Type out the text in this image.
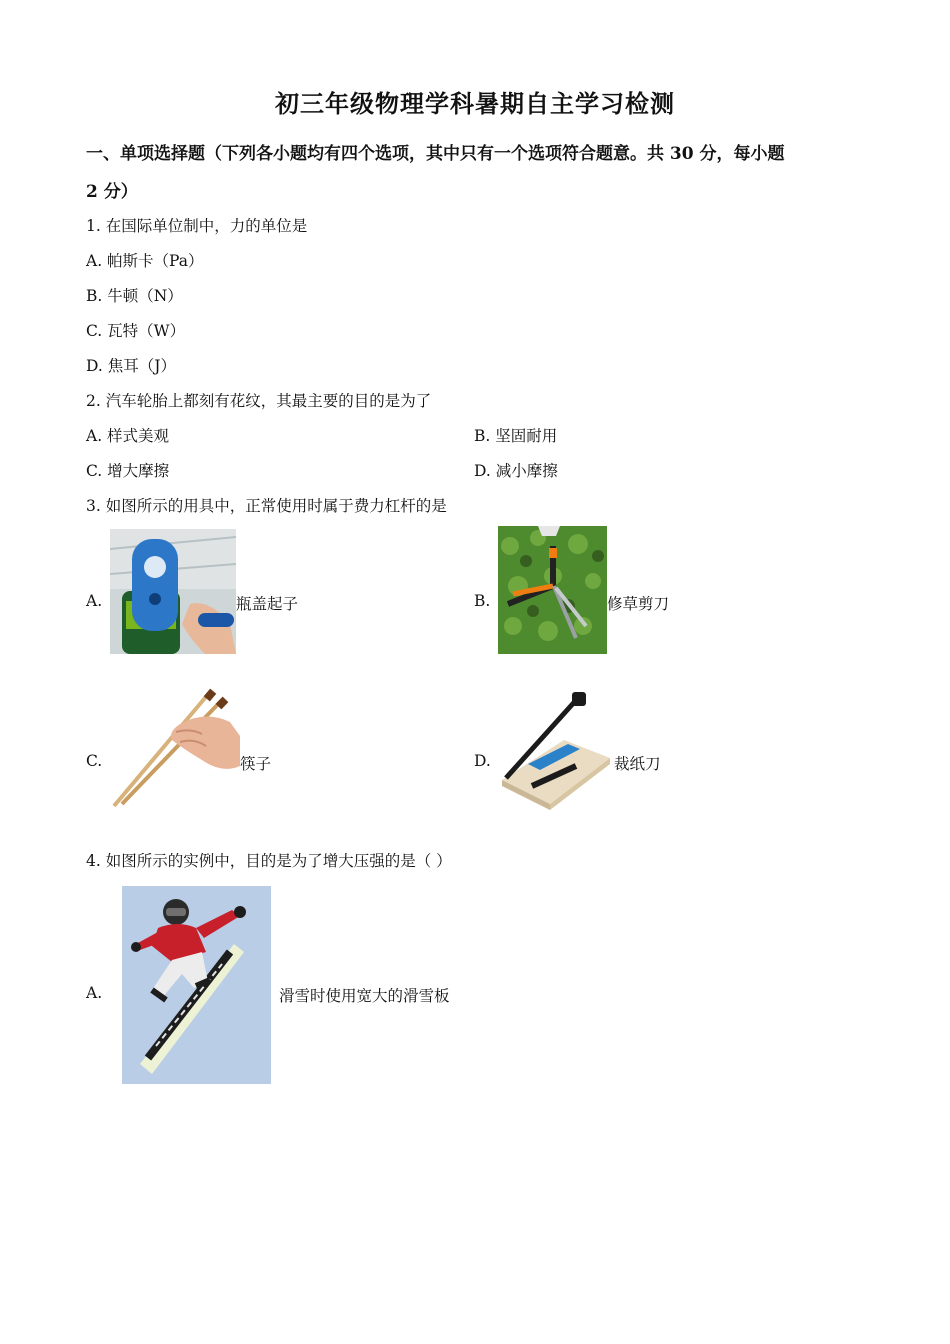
初三年级物理学科暑期自主学习检测
一、单项选择题（下列各小题均有四个选项，其中只有一个选项符合题意。共 30 分，每小题
2 分）
1. 在国际单位制中，力的单位是
A. 帕斯卡（Pa）
B. 牛顿（N）
C. 瓦特（W）
D. 焦耳（J）
2. 汽车轮胎上都刻有花纹，其最主要的目的是为了
A. 样式美观	B. 坚固耐用
C. 增大摩擦	D. 减小摩擦
3. 如图所示的用具中，正常使用时属于费力杠杆的是
A.	瓶盖起子	B.	修草剪刀
C.	筷子	D.	裁纸刀
4. 如图所示的实例中，目的是为了增大压强的是（ ）
A.	滑雪时使用宽大的滑雪板
